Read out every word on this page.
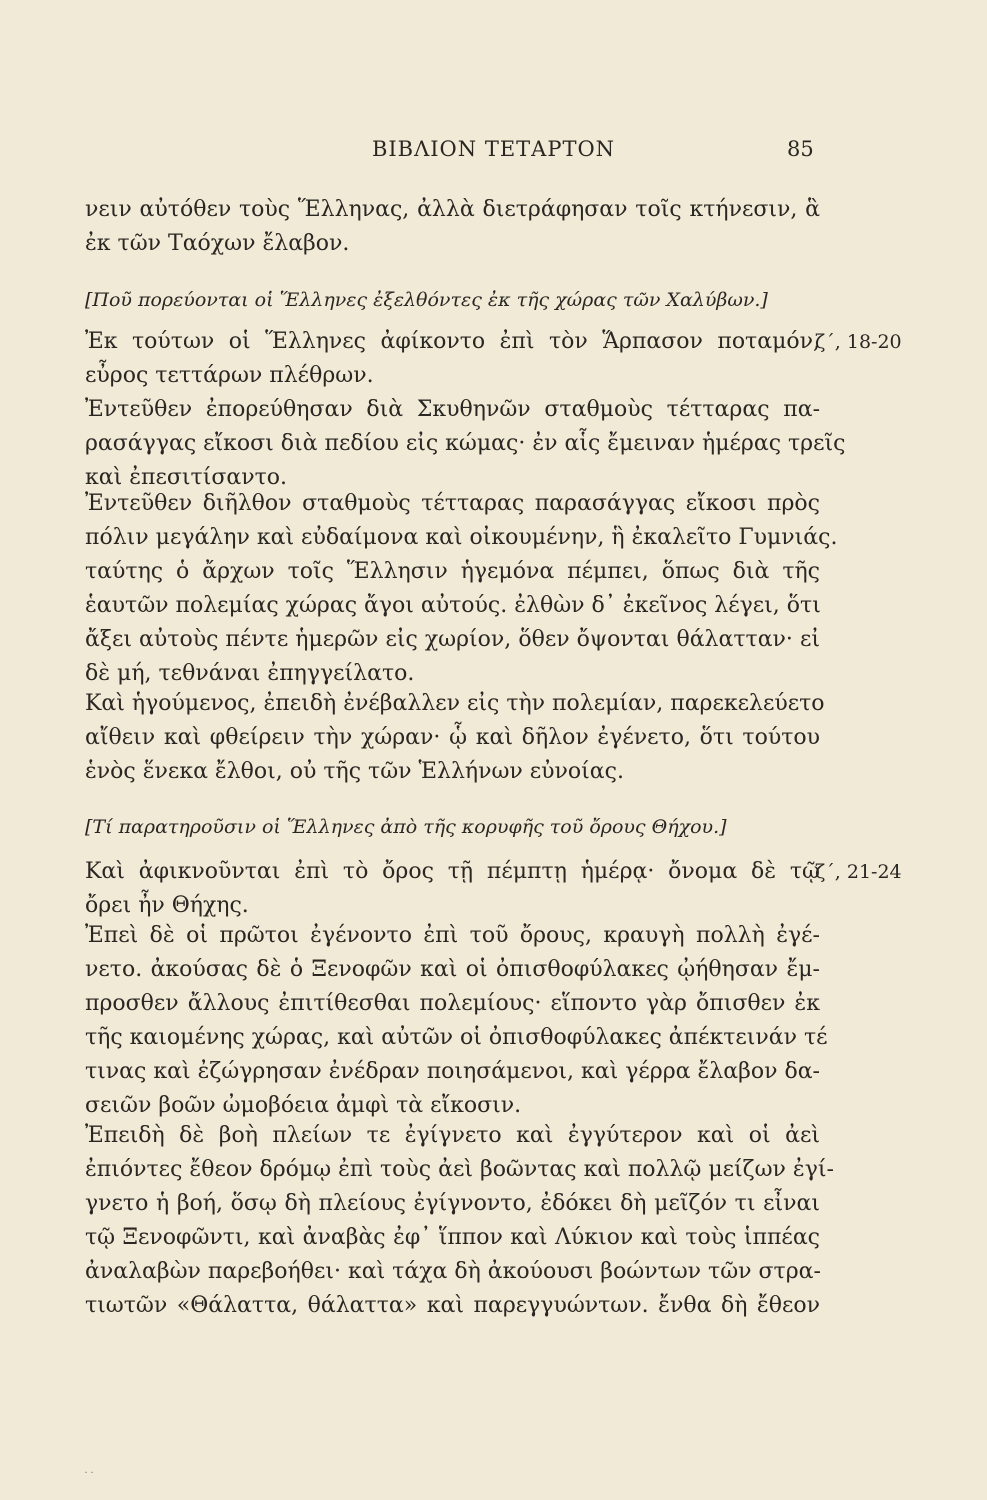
ΒΙΒΛΙΟΝ ΤΕΤΑΡΤΟΝ	85
νειν αὐτόθεν τοὺς Ἕλληνας, ἀλλὰ διετράφησαν τοῖς κτήνεσιν, ἃ
ἐκ τῶν Ταόχων ἔλαβον.
[Ποῦ πορεύονται οἱ Ἕλληνες ἐξελθόντες ἐκ τῆς χώρας τῶν Χαλύβων.]
Ἐκ τούτων οἱ Ἕλληνες ἀφίκοντο ἐπὶ τὸν Ἅρπασον ποταμόν,
ζ΄, 18-20
εὖρος τεττάρων πλέθρων.
Ἐντεῦθεν ἐπορεύθησαν διὰ Σκυθηνῶν σταθμοὺς τέτταρας πα-
ρασάγγας εἴκοσι διὰ πεδίου εἰς κώμας· ἐν αἷς ἔμειναν ἡμέρας τρεῖς
καὶ ἐπεσιτίσαντο.
Ἐντεῦθεν διῆλθον σταθμοὺς τέτταρας παρασάγγας εἴκοσι πρὸς
πόλιν μεγάλην καὶ εὐδαίμονα καὶ οἰκουμένην, ἣ ἐκαλεῖτο Γυμνιάς.
ταύτης ὁ ἄρχων τοῖς Ἕλλησιν ἡγεμόνα πέμπει, ὅπως διὰ τῆς
ἑαυτῶν πολεμίας χώρας ἄγοι αὐτούς. ἐλθὼν δ᾽ ἐκεῖνος λέγει, ὅτι
ἄξει αὐτοὺς πέντε ἡμερῶν εἰς χωρίον, ὅθεν ὄψονται θάλατταν· εἰ
δὲ μή, τεθνάναι ἐπηγγείλατο.
Καὶ ἡγούμενος, ἐπειδὴ ἐνέβαλλεν εἰς τὴν πολεμίαν, παρεκελεύετο
αἴθειν καὶ φθείρειν τὴν χώραν· ᾧ καὶ δῆλον ἐγένετο, ὅτι τούτου
ἑνὸς ἕνεκα ἔλθοι, οὐ τῆς τῶν Ἑλλήνων εὐνοίας.
[Τί παρατηροῦσιν οἱ Ἕλληνες ἀπὸ τῆς κορυφῆς τοῦ ὄρους Θήχου.]
Καὶ ἀφικνοῦνται ἐπὶ τὸ ὄρος τῇ πέμπτῃ ἡμέρᾳ· ὄνομα δὲ τῷ
ζ΄, 21-24
ὄρει ἦν Θήχης.
Ἐπεὶ δὲ οἱ πρῶτοι ἐγένοντο ἐπὶ τοῦ ὄρους, κραυγὴ πολλὴ ἐγέ-
νετο. ἀκούσας δὲ ὁ Ξενοφῶν καὶ οἱ ὀπισθοφύλακες ᾠήθησαν ἔμ-
προσθεν ἄλλους ἐπιτίθεσθαι πολεμίους· εἵποντο γὰρ ὄπισθεν ἐκ
τῆς καιομένης χώρας, καὶ αὐτῶν οἱ ὀπισθοφύλακες ἀπέκτεινάν τέ
τινας καὶ ἐζώγρησαν ἐνέδραν ποιησάμενοι, καὶ γέρρα ἔλαβον δα-
σειῶν βοῶν ὠμοβόεια ἀμφὶ τὰ εἴκοσιν.
Ἐπειδὴ δὲ βοὴ πλείων τε ἐγίγνετο καὶ ἐγγύτερον καὶ οἱ ἀεὶ
ἐπιόντες ἔθεον δρόμῳ ἐπὶ τοὺς ἀεὶ βοῶντας καὶ πολλῷ μείζων ἐγί-
γνετο ἡ βοή, ὅσῳ δὴ πλείους ἐγίγνοντο, ἐδόκει δὴ μεῖζόν τι εἶναι
τῷ Ξενοφῶντι, καὶ ἀναβὰς ἐφ᾽ ἵππον καὶ Λύκιον καὶ τοὺς ἱππέας
ἀναλαβὼν παρεβοήθει· καὶ τάχα δὴ ἀκούουσι βοώντων τῶν στρα-
τιωτῶν «Θάλαττα, θάλαττα» καὶ παρεγγυώντων. ἔνθα δὴ ἔθεον
˙˙
